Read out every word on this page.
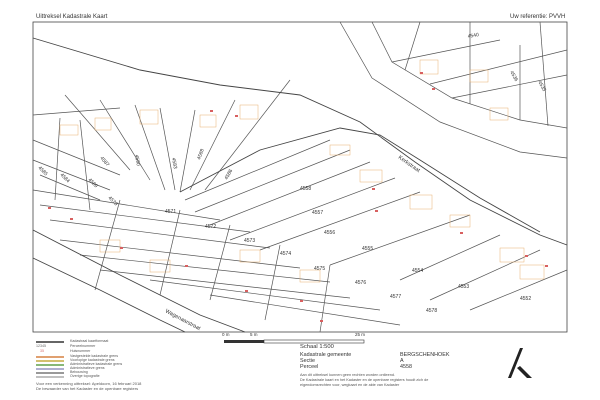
Uittreksel Kadastrale Kaart	Uw referentie: PVVH
4540
4536
4535
4590
4587	4583
4588
4586
4585
4584	4589
4570
4571
4572
4573
4574
4575
4576
4577
4578
4558
4557
4556
4555
4554
4553
4552
Kerkstraat
Wagenaarstraat
0 m	5 m	25 m
Schaal 1:500
Kadastraal kaartformaat
12345	Perceelnummer
35	Huisnummer
Vastgestelde kadastrale grens
Voorlopige kadastrale grens
Administratieve kadastrale grens
Administratieve grens
Bebouwing
Overige topografie
Voor een verkenning uittreksel: Apeldoorn, 16 februari 2018
De bewaarder van het Kadaster en de openbare registers
Kadastrale gemeente	BERGSCHENHOEK
Sectie	A
Perceel	4558
Aan dit uittreksel kunnen geen rechten worden ontleend.
De Kadastrale kaart en het Kadaster en de openbare registers houdt zich de
eigendomsrechten voor, wegkaart en de akte van Kadaster
